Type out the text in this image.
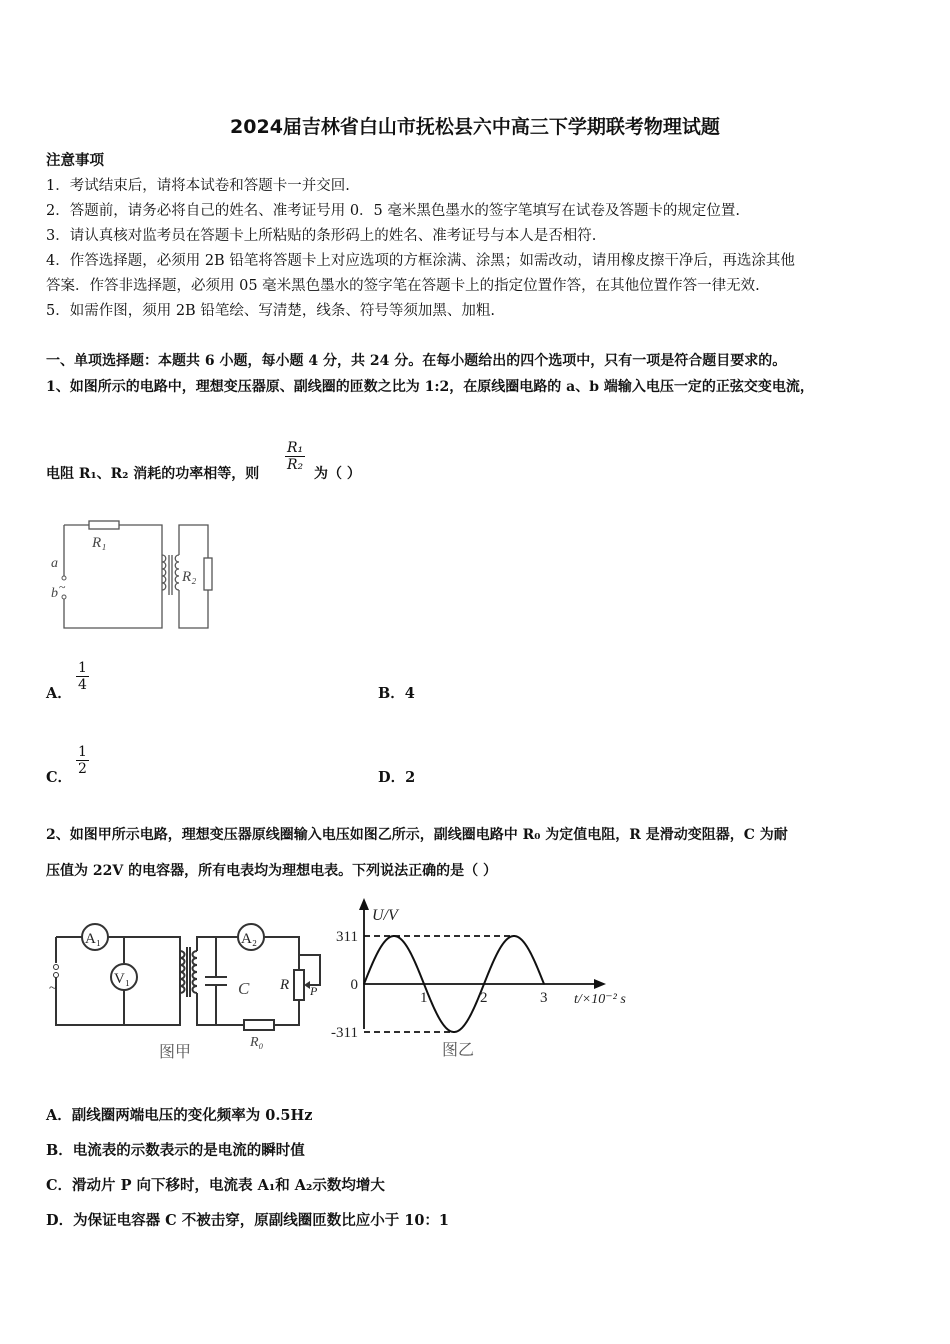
2024届吉林省白山市抚松县六中高三下学期联考物理试题
注意事项
1．考试结束后，请将本试卷和答题卡一并交回.
2．答题前，请务必将自己的姓名、准考证号用 0．5 毫米黑色墨水的签字笔填写在试卷及答题卡的规定位置.
3．请认真核对监考员在答题卡上所粘贴的条形码上的姓名、准考证号与本人是否相符.
4．作答选择题，必须用 2B 铅笔将答题卡上对应选项的方框涂满、涂黑；如需改动，请用橡皮擦干净后，再选涂其他
答案．作答非选择题，必须用 05 毫米黑色墨水的签字笔在答题卡上的指定位置作答，在其他位置作答一律无效.
5．如需作图，须用 2B 铅笔绘、写清楚，线条、符号等须加黑、加粗.
一、单项选择题：本题共 6 小题，每小题 4 分，共 24 分。在每小题给出的四个选项中，只有一项是符合题目要求的。
1、如图所示的电路中，理想变压器原、副线圈的匝数之比为 1:2，在原线圈电路的 a、b 端输入电压一定的正弦交变电流，
电阻 R₁、R₂ 消耗的功率相等，则
$\frac{\text{R₁}}{\text{R₂}}$
为（ ）
R₁
R₂
a
b ~
A．
$\frac{1}{4}$
B．4
C．
$\frac{1}{2}$
D．2
2、如图甲所示电路，理想变压器原线圈输入电压如图乙所示，副线圈电路中 R₀ 为定值电阻，R 是滑动变阻器，C 为耐
压值为 22V 的电容器，所有电表均为理想电表。下列说法正确的是（ ）
A₁
V₁
A₂
~	C R P
R₀
图甲
U/V
t/×10⁻² s
图乙
1	2	3
311
0
-311
A．副线圈两端电压的变化频率为 0.5Hz
B．电流表的示数表示的是电流的瞬时值
C．滑动片 P 向下移时，电流表 A₁和 A₂示数均增大
D．为保证电容器 C 不被击穿，原副线圈匝数比应小于 10：1
